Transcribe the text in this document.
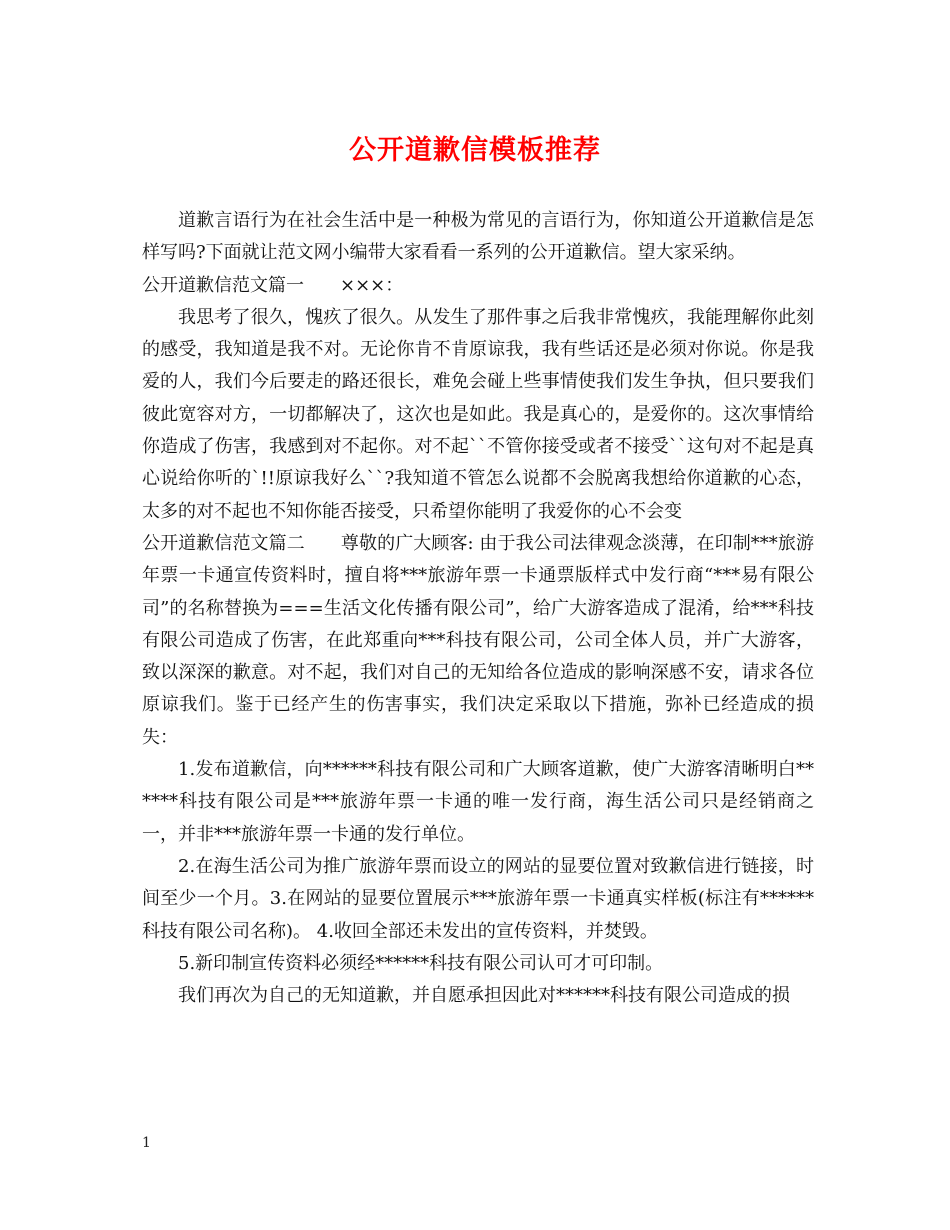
公开道歉信模板推荐

道歉言语行为在社会生活中是一种极为常见的言语行为，你知道公开道歉信是怎样写吗?下面就让范文网小编带大家看看一系列的公开道歉信。望大家采纳。

公开道歉信范文篇一 ×××：

我思考了很久，愧疚了很久。从发生了那件事之后我非常愧疚，我能理解你此刻的感受，我知道是我不对。无论你肯不肯原谅我，我有些话还是必须对你说。你是我爱的人，我们今后要走的路还很长，难免会碰上些事情使我们发生争执，但只要我们彼此宽容对方，一切都解决了，这次也是如此。我是真心的，是爱你的。这次事情给你造成了伤害，我感到对不起你。对不起``不管你接受或者不接受``这句对不起是真心说给你听的`!!原谅我好么``?我知道不管怎么说都不会脱离我想给你道歉的心态，太多的对不起也不知你能否接受，只希望你能明了我爱你的心不会变

公开道歉信范文篇二 尊敬的广大顾客: 由于我公司法律观念淡薄，在印制***旅游年票一卡通宣传资料时，擅自将***旅游年票一卡通票版样式中发行商“***易有限公司”的名称替换为===生活文化传播有限公司”，给广大游客造成了混淆，给***科技有限公司造成了伤害，在此郑重向***科技有限公司，公司全体人员，并广大游客，致以深深的歉意。对不起，我们对自己的无知给各位造成的影响深感不安，请求各位原谅我们。鉴于已经产生的伤害事实，我们决定采取以下措施，弥补已经造成的损失：

1.发布道歉信，向******科技有限公司和广大顾客道歉，使广大游客清晰明白******科技有限公司是***旅游年票一卡通的唯一发行商，海生活公司只是经销商之一，并非***旅游年票一卡通的发行单位。

2.在海生活公司为推广旅游年票而设立的网站的显要位置对致歉信进行链接，时间至少一个月。3.在网站的显要位置展示***旅游年票一卡通真实样板(标注有******科技有限公司名称)。 4.收回全部还未发出的宣传资料，并焚毁。

5.新印制宣传资料必须经******科技有限公司认可才可印制。

我们再次为自己的无知道歉，并自愿承担因此对******科技有限公司造成的损

1
